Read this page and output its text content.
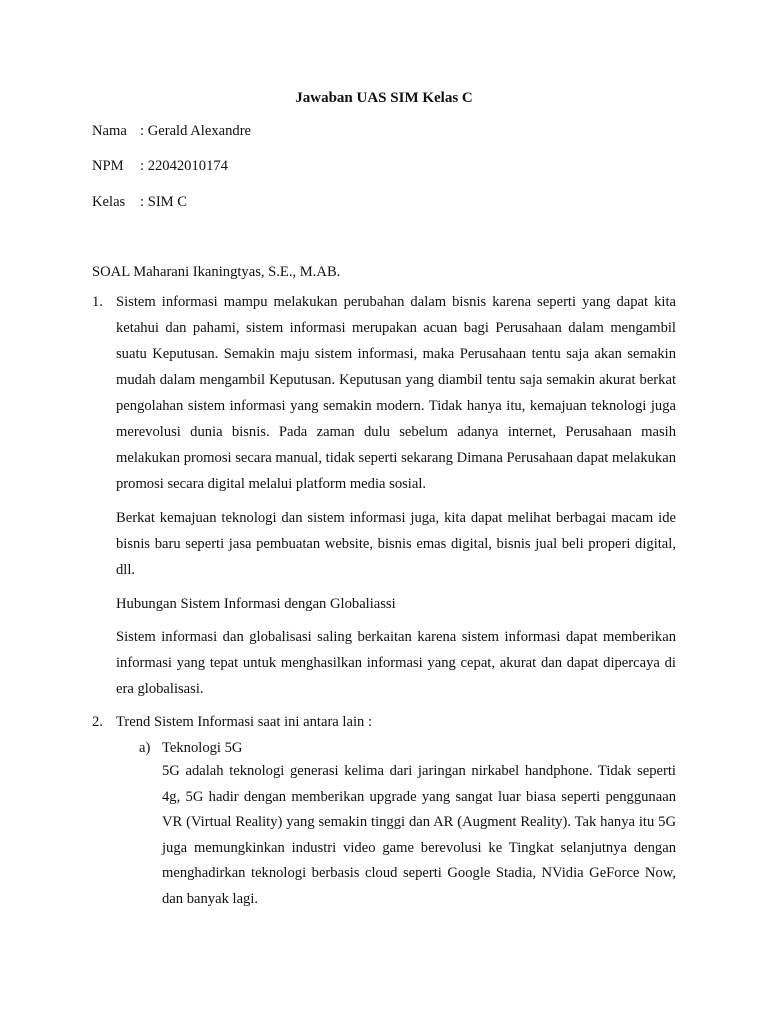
Jawaban UAS SIM Kelas C
Nama : Gerald Alexandre
NPM : 22042010174
Kelas : SIM C
SOAL Maharani Ikaningtyas, S.E., M.AB.
1. Sistem informasi mampu melakukan perubahan dalam bisnis karena seperti yang dapat kita ketahui dan pahami, sistem informasi merupakan acuan bagi Perusahaan dalam mengambil suatu Keputusan. Semakin maju sistem informasi, maka Perusahaan tentu saja akan semakin mudah dalam mengambil Keputusan. Keputusan yang diambil tentu saja semakin akurat berkat pengolahan sistem informasi yang semakin modern. Tidak hanya itu, kemajuan teknologi juga merevolusi dunia bisnis. Pada zaman dulu sebelum adanya internet, Perusahaan masih melakukan promosi secara manual, tidak seperti sekarang Dimana Perusahaan dapat melakukan promosi secara digital melalui platform media sosial.

Berkat kemajuan teknologi dan sistem informasi juga, kita dapat melihat berbagai macam ide bisnis baru seperti jasa pembuatan website, bisnis emas digital, bisnis jual beli properi digital, dll.

Hubungan Sistem Informasi dengan Globaliassi

Sistem informasi dan globalisasi saling berkaitan karena sistem informasi dapat memberikan informasi yang tepat untuk menghasilkan informasi yang cepat, akurat dan dapat dipercaya di era globalisasi.

2. Trend Sistem Informasi saat ini antara lain :
a) Teknologi 5G

5G adalah teknologi generasi kelima dari jaringan nirkabel handphone. Tidak seperti 4g, 5G hadir dengan memberikan upgrade yang sangat luar biasa seperti penggunaan VR (Virtual Reality) yang semakin tinggi dan AR (Augment Reality). Tak hanya itu 5G juga memungkinkan industri video game berevolusi ke Tingkat selanjutnya dengan menghadirkan teknologi berbasis cloud seperti Google Stadia, NVidia GeForce Now, dan banyak lagi.
